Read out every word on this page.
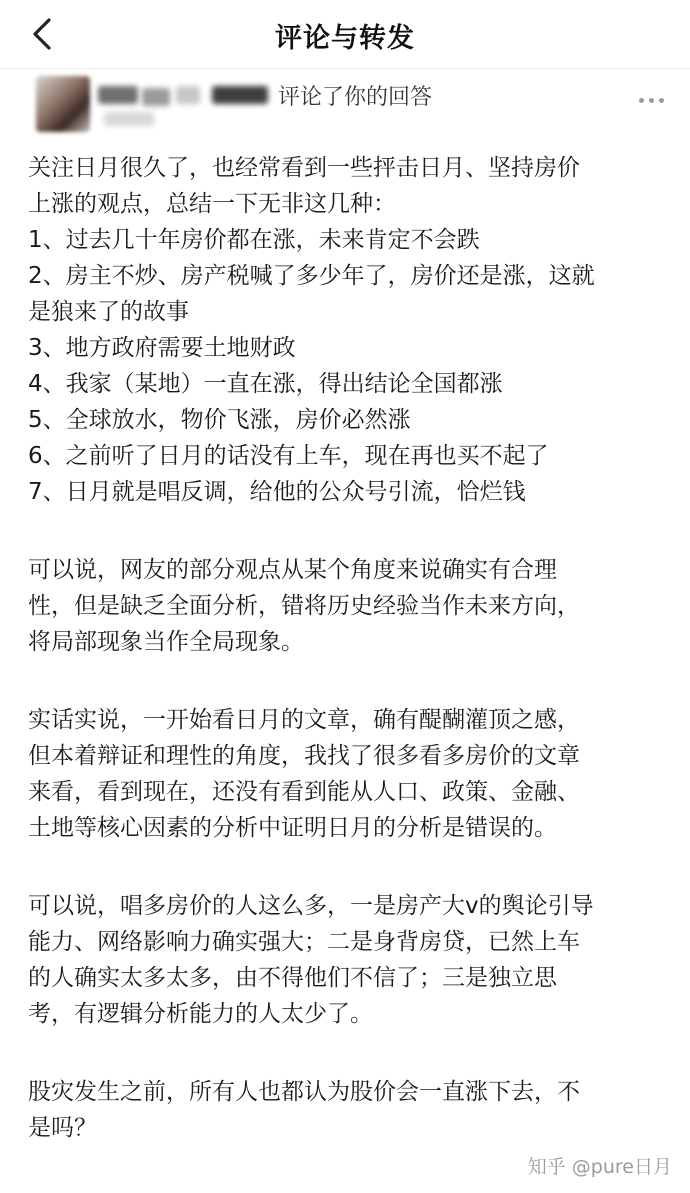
评论与转发
评论了你的回答

关注日月很久了，也经常看到一些抨击日月、坚持房价
上涨的观点，总结一下无非这几种：
1、过去几十年房价都在涨，未来肯定不会跌
2、房主不炒、房产税喊了多少年了，房价还是涨，这就
是狼来了的故事
3、地方政府需要土地财政
4、我家（某地）一直在涨，得出结论全国都涨
5、全球放水，物价飞涨，房价必然涨
6、之前听了日月的话没有上车，现在再也买不起了
7、日月就是唱反调，给他的公众号引流，恰烂钱

可以说，网友的部分观点从某个角度来说确实有合理
性，但是缺乏全面分析，错将历史经验当作未来方向，
将局部现象当作全局现象。

实话实说，一开始看日月的文章，确有醍醐灌顶之感，
但本着辩证和理性的角度，我找了很多看多房价的文章
来看，看到现在，还没有看到能从人口、政策、金融、
土地等核心因素的分析中证明日月的分析是错误的。

可以说，唱多房价的人这么多，一是房产大v的舆论引导
能力、网络影响力确实强大；二是身背房贷，已然上车
的人确实太多太多，由不得他们不信了；三是独立思
考，有逻辑分析能力的人太少了。

股灾发生之前，所有人也都认为股价会一直涨下去，不
是吗？

知乎 @pure日月
